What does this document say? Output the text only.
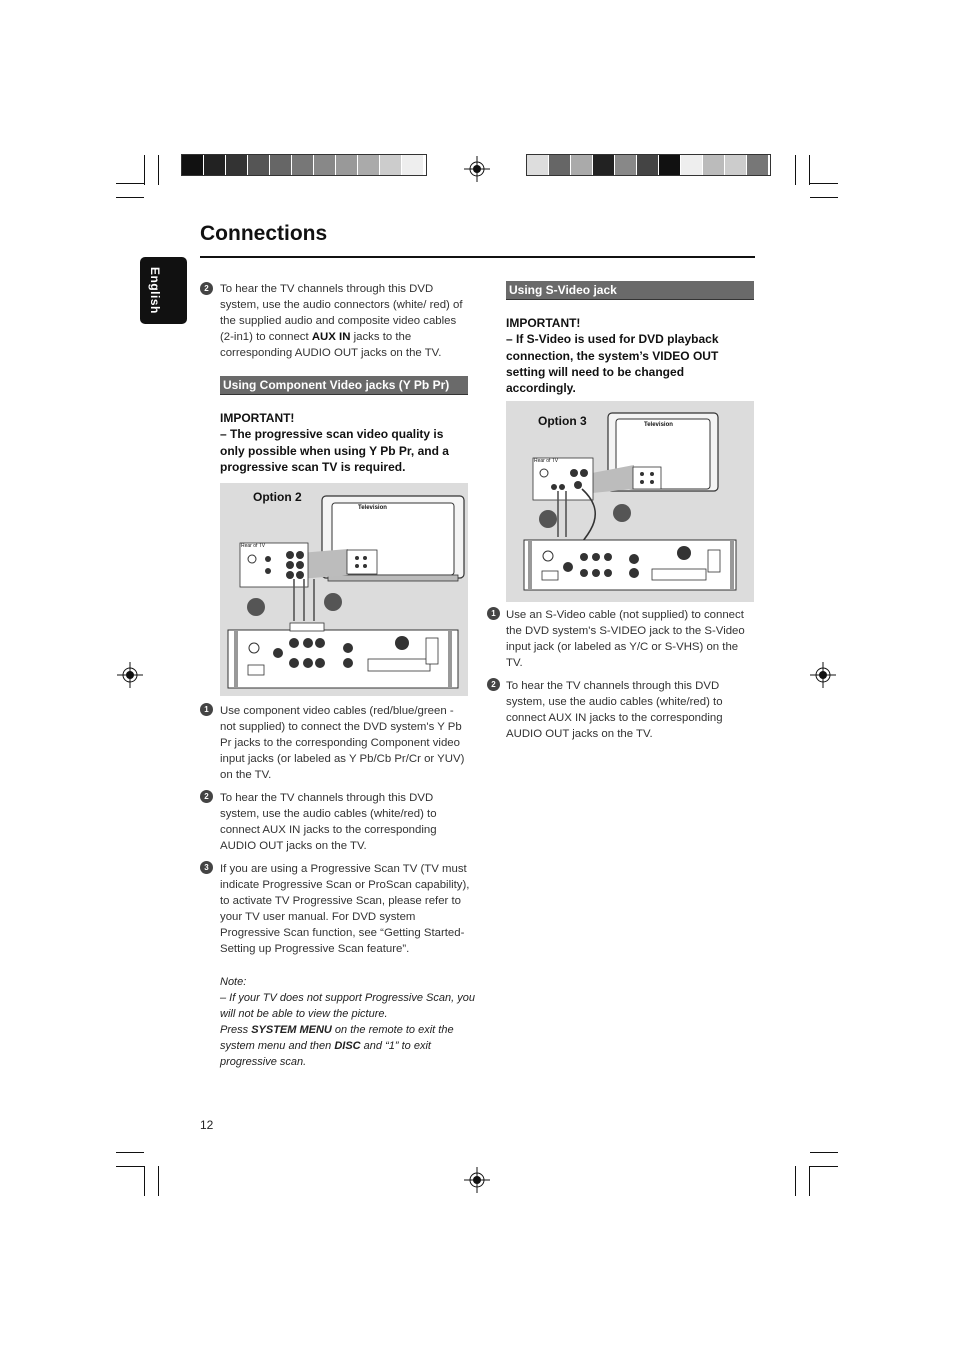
Connections
English	2 To hear the TV channels through this DVD system, use the audio connectors (white/ red) of the supplied audio and composite video cables (2-in1) to connect AUX IN jacks to the corresponding AUDIO OUT jacks on the TV.
Using Component Video jacks (Y Pb Pr)
IMPORTANT!
– The progressive scan video quality is only possible when using Y Pb Pr, and a progressive scan TV is required.
Option 2
Television
Rear of TV
1 Use component video cables (red/blue/green - not supplied) to connect the DVD system's Y Pb Pr jacks to the corresponding Component video input jacks (or labeled as Y Pb/Cb Pr/Cr or YUV) on the TV.
2 To hear the TV channels through this DVD system, use the audio cables (white/red) to connect AUX IN jacks to the corresponding AUDIO OUT jacks on the TV.
3 If you are using a Progressive Scan TV (TV must indicate Progressive Scan or ProScan capability), to activate TV Progressive Scan, please refer to your TV user manual. For DVD system Progressive Scan function, see “Getting Started- Setting up Progressive Scan feature”.
Note:
– If your TV does not support Progressive Scan, you will not be able to view the picture.
Press SYSTEM MENU on the remote to exit the system menu and then DISC and “1” to exit progressive scan.
Using S-Video jack
IMPORTANT!
– If S-Video is used for DVD playback connection, the system’s VIDEO OUT setting will need to be changed accordingly.
Option 3	Television
Rear of TV
1 Use an S-Video cable (not supplied) to connect the DVD system's S-VIDEO jack to the S-Video input jack (or labeled as Y/C or S-VHS) on the TV.
2 To hear the TV channels through this DVD system, use the audio cables (white/red) to connect AUX IN jacks to the corresponding AUDIO OUT jacks on the TV.
12
